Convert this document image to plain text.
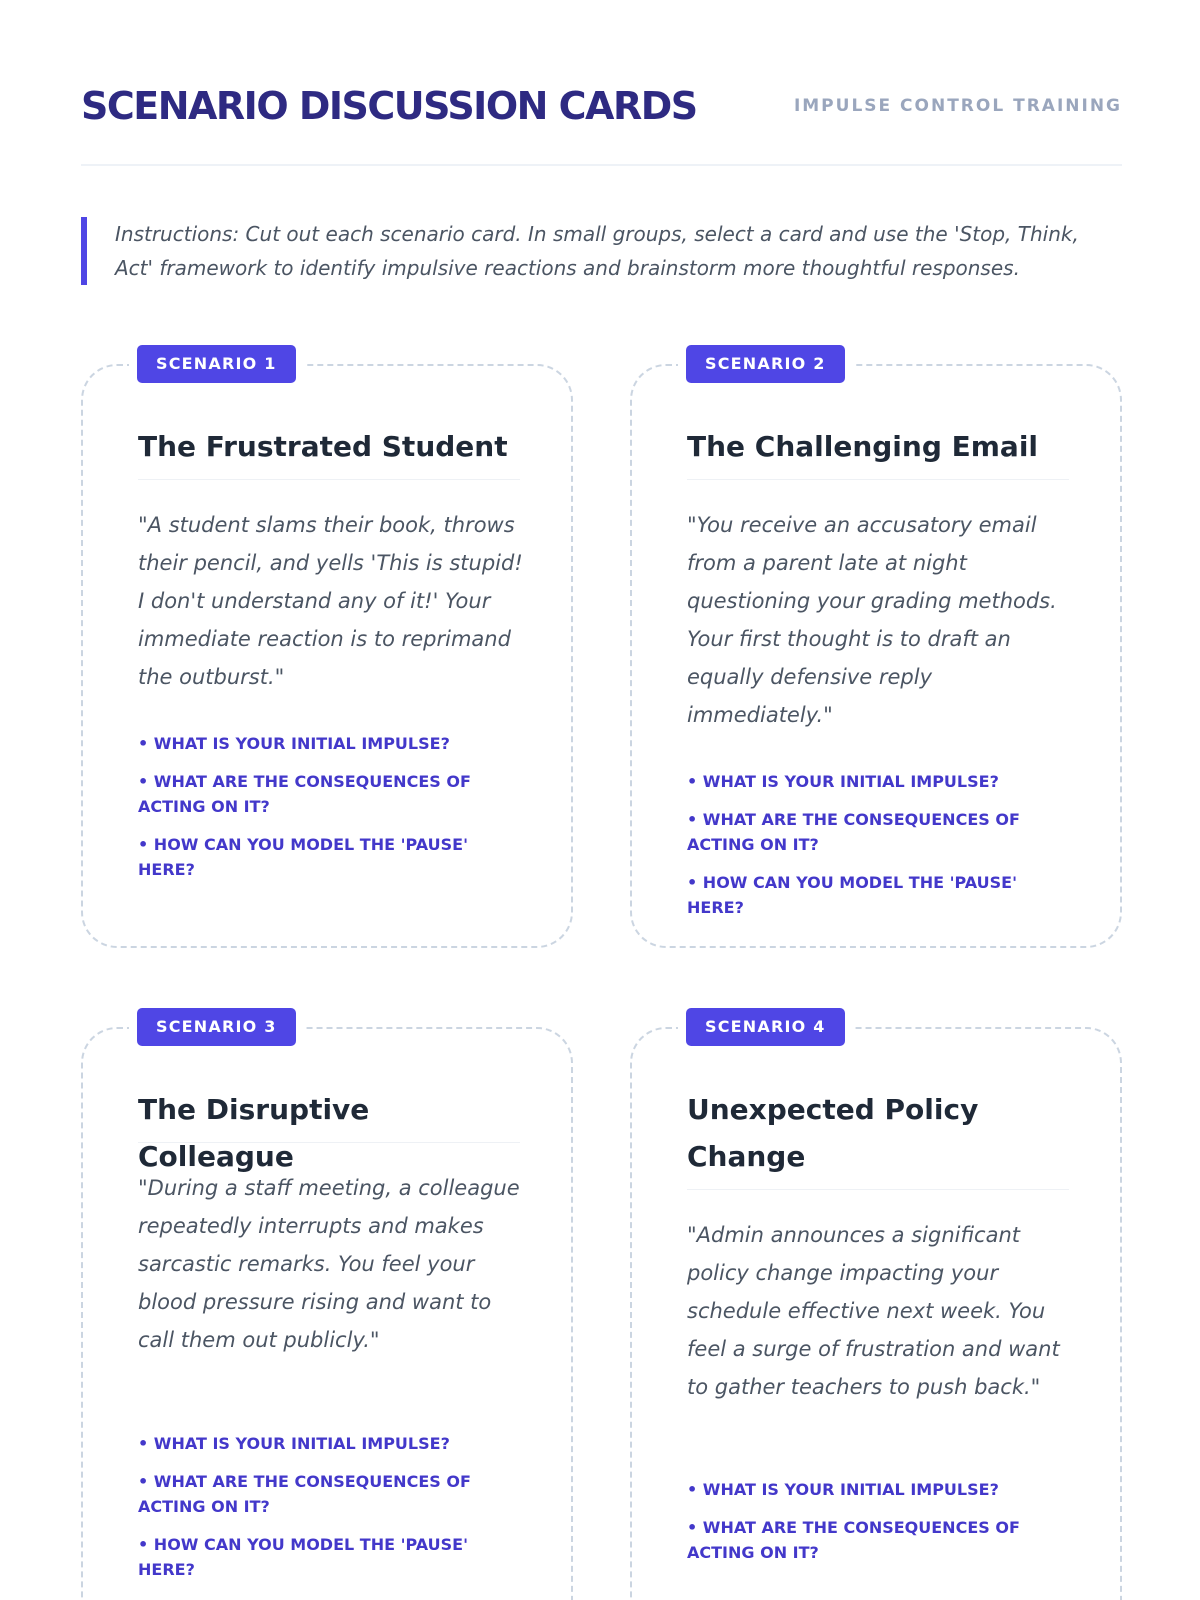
SCENARIO DISCUSSION CARDS	IMPULSE CONTROL TRAINING
Instructions: Cut out each scenario card. In small groups, select a card and use the 'Stop, Think, Act' framework to identify impulsive reactions and brainstorm more thoughtful responses.
SCENARIO 1
The Frustrated Student

"A student slams their book, throws their pencil, and yells 'This is stupid! I don't understand any of it!' Your immediate reaction is to reprimand the outburst."

• WHAT IS YOUR INITIAL IMPULSE?
• WHAT ARE THE CONSEQUENCES OF ACTING ON IT?
• HOW CAN YOU MODEL THE 'PAUSE' HERE?
SCENARIO 2
The Challenging Email

"You receive an accusatory email from a parent late at night questioning your grading methods. Your first thought is to draft an equally defensive reply immediately."

• WHAT IS YOUR INITIAL IMPULSE?
• WHAT ARE THE CONSEQUENCES OF ACTING ON IT?
• HOW CAN YOU MODEL THE 'PAUSE' HERE?
SCENARIO 3
The Disruptive Colleague

"During a staff meeting, a colleague repeatedly interrupts and makes sarcastic remarks. You feel your blood pressure rising and want to call them out publicly."

• WHAT IS YOUR INITIAL IMPULSE?
• WHAT ARE THE CONSEQUENCES OF ACTING ON IT?
• HOW CAN YOU MODEL THE 'PAUSE' HERE?
SCENARIO 4
Unexpected Policy Change

"Admin announces a significant policy change impacting your schedule effective next week. You feel a surge of frustration and want to gather teachers to push back."

• WHAT IS YOUR INITIAL IMPULSE?
• WHAT ARE THE CONSEQUENCES OF ACTING ON IT?
